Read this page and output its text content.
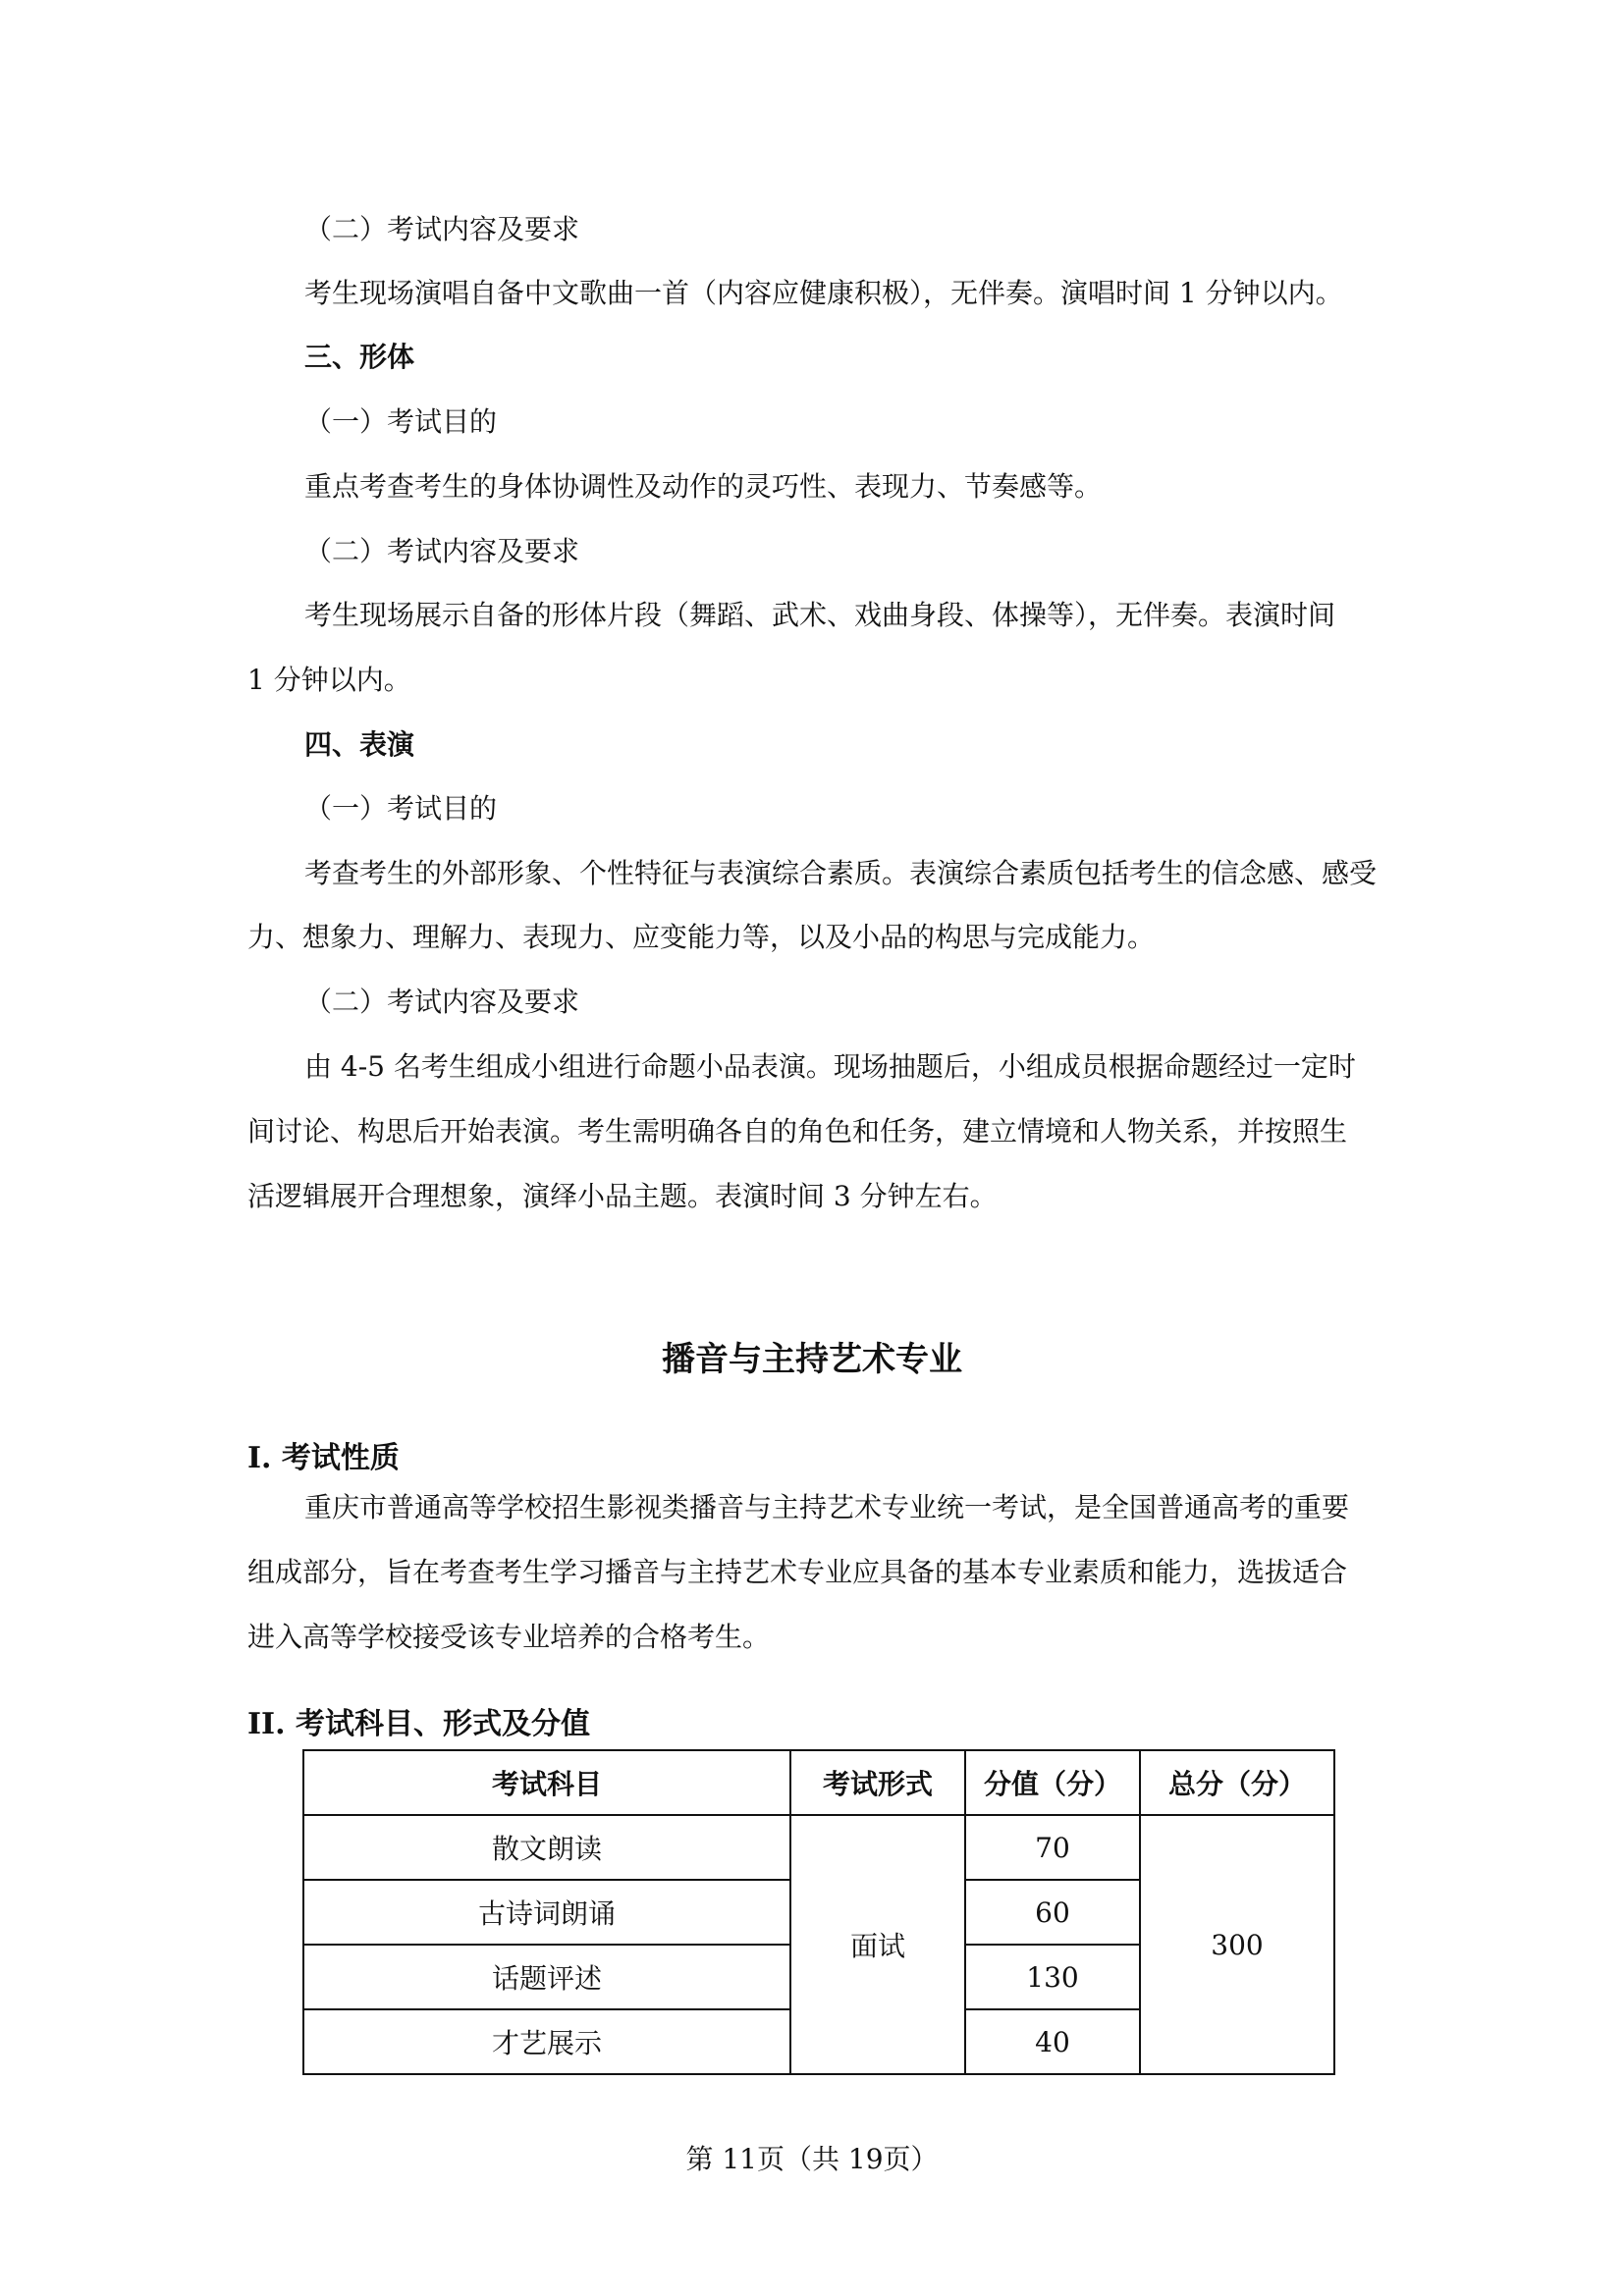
（二）考试内容及要求
考生现场演唱自备中文歌曲一首（内容应健康积极），无伴奏。演唱时间 1 分钟以内。
三、形体
（一）考试目的
重点考查考生的身体协调性及动作的灵巧性、表现力、节奏感等。
（二）考试内容及要求
考生现场展示自备的形体片段（舞蹈、武术、戏曲身段、体操等），无伴奏。表演时间
1 分钟以内。
四、表演
（一）考试目的
考查考生的外部形象、个性特征与表演综合素质。表演综合素质包括考生的信念感、感受
力、想象力、理解力、表现力、应变能力等，以及小品的构思与完成能力。
（二）考试内容及要求
由 4-5 名考生组成小组进行命题小品表演。现场抽题后，小组成员根据命题经过一定时
间讨论、构思后开始表演。考生需明确各自的角色和任务，建立情境和人物关系，并按照生
活逻辑展开合理想象，演绎小品主题。表演时间 3 分钟左右。
播音与主持艺术专业
I. 考试性质
重庆市普通高等学校招生影视类播音与主持艺术专业统一考试，是全国普通高考的重要
组成部分，旨在考查考生学习播音与主持艺术专业应具备的基本专业素质和能力，选拔适合
进入高等学校接受该专业培养的合格考生。
II. 考试科目、形式及分值
考试科目	考试形式	分值（分）	总分（分）
散文朗读	面试	70	300
古诗词朗诵		60	
话题评述		130	
才艺展示		40	
第 11页（共 19页）
